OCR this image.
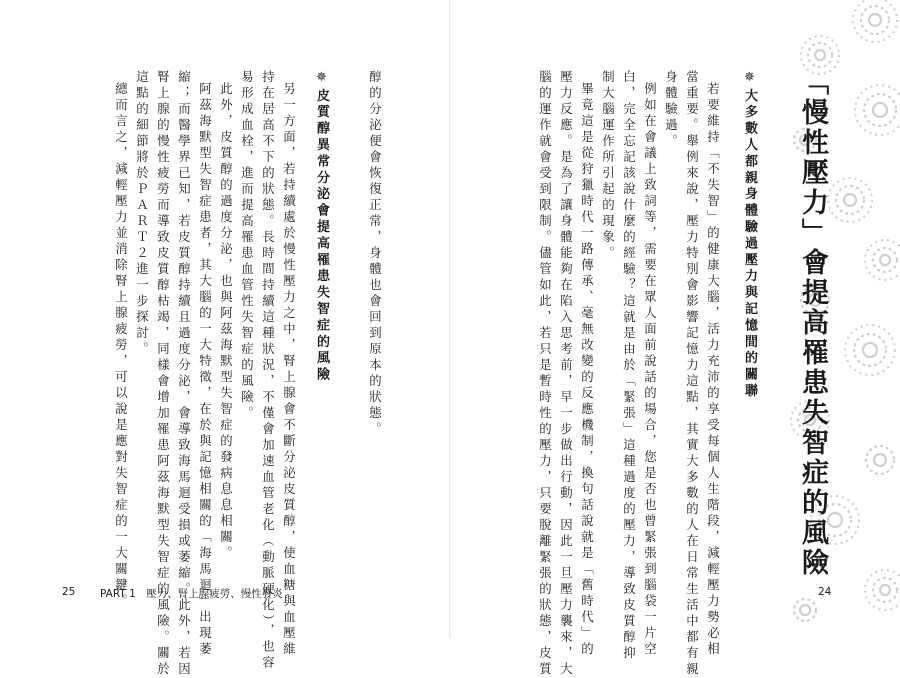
「慢性壓力」會提高罹患失智症的風險
✵大多數人都親身體驗過壓力與記憶間的關聯
若要維持「不失智」的健康大腦，活力充沛的享受每個人生階段，減輕壓力勢必相
當重要。舉例來說，壓力特別會影響記憶力這點，其實大多數的人在日常生活中都有親
身體驗過。
例如在會議上致詞等，需要在眾人面前說話的場合，您是否也曾緊張到腦袋一片空
白，完全忘記該說什麼的經驗？這就是由於「緊張」這種過度的壓力，導致皮質醇抑
制大腦運作所引起的現象。
畢竟這是從狩獵時代一路傳承、毫無改變的反應機制，換句話說就是「舊時代」的
壓力反應。是為了讓身體能夠在陷入思考前，早一步做出行動，因此一旦壓力襲來，大
腦的運作就會受到限制。儘管如此，若只是暫時性的壓力，只要脫離緊張的狀態，皮質	24
醇的分泌便會恢復正常，身體也會回到原本的狀態。
✵皮質醇異常分泌會提高罹患失智症的風險
另一方面，若持續處於慢性壓力之中，腎上腺會不斷分泌皮質醇，使血糖與血壓維
持在居高不下的狀態。長時間持續這種狀況，不僅會加速血管老化（動脈硬化），也容
易形成血栓，進而提高罹患血管性失智症的風險。
此外，皮質醇的過度分泌，也與阿茲海默型失智症的發病息息相關。
阿茲海默型失智症患者，其大腦的一大特徵，在於與記憶相關的「海馬迴」出現萎
縮；而醫學界已知，若皮質醇持續且過度分泌，會導致海馬迴受損或萎縮。此外，若因
腎上腺的慢性疲勞而導致皮質醇枯竭，同樣會增加罹患阿茲海默型失智症的風險。關於
這點的細節將於ＰＡＲＴ２進一步探討。
總而言之，減輕壓力並消除腎上腺疲勞，可以說是應對失智症的一大關鍵。
25 PART 1　壓力、腎上腺疲勞、慢性發炎
